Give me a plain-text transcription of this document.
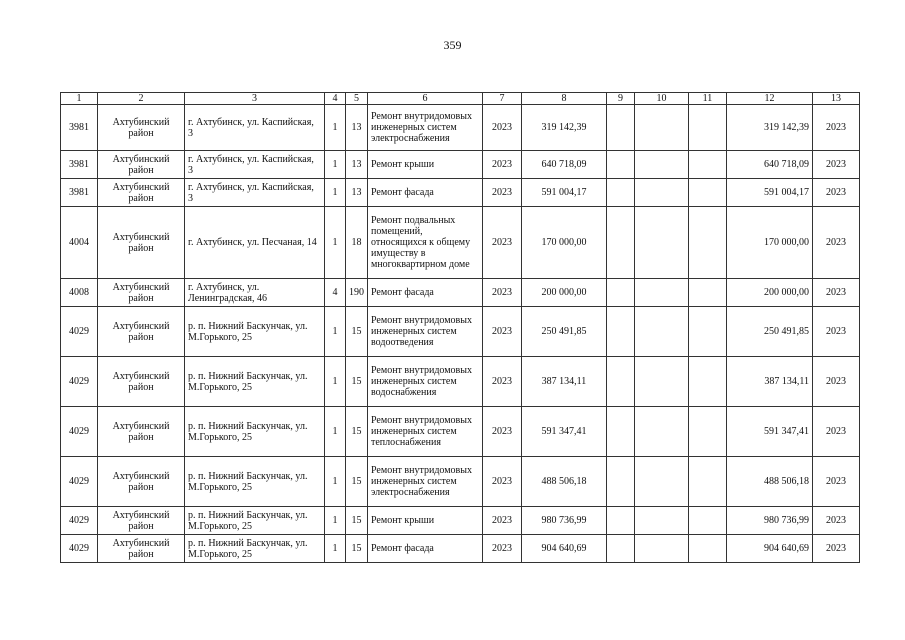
359
1	2	3	4	5	6	7	8	9	10	11	12	13
3981	Ахтубинский район	г. Ахтубинск, ул. Каспийская, 3	1	13	Ремонт внутридомовых инженерных систем электроснабжения	2023	319 142,39				319 142,39	2023
3981	Ахтубинский район	г. Ахтубинск, ул. Каспийская, 3	1	13	Ремонт крыши	2023	640 718,09				640 718,09	2023
3981	Ахтубинский район	г. Ахтубинск, ул. Каспийская, 3	1	13	Ремонт фасада	2023	591 004,17				591 004,17	2023
4004	Ахтубинский район	г. Ахтубинск, ул. Песчаная, 14	1	18	Ремонт подвальных помещений, относящихся к общему имуществу в многоквартирном доме	2023	170 000,00				170 000,00	2023
4008	Ахтубинский район	г. Ахтубинск, ул. Ленинградская, 46	4	190	Ремонт фасада	2023	200 000,00				200 000,00	2023
4029	Ахтубинский район	р. п. Нижний Баскунчак, ул. М.Горького, 25	1	15	Ремонт внутридомовых инженерных систем водоотведения	2023	250 491,85				250 491,85	2023
4029	Ахтубинский район	р. п. Нижний Баскунчак, ул. М.Горького, 25	1	15	Ремонт внутридомовых инженерных систем водоснабжения	2023	387 134,11				387 134,11	2023
4029	Ахтубинский район	р. п. Нижний Баскунчак, ул. М.Горького, 25	1	15	Ремонт внутридомовых инженерных систем теплоснабжения	2023	591 347,41				591 347,41	2023
4029	Ахтубинский район	р. п. Нижний Баскунчак, ул. М.Горького, 25	1	15	Ремонт внутридомовых инженерных систем электроснабжения	2023	488 506,18				488 506,18	2023
4029	Ахтубинский район	р. п. Нижний Баскунчак, ул. М.Горького, 25	1	15	Ремонт крыши	2023	980 736,99				980 736,99	2023
4029	Ахтубинский район	р. п. Нижний Баскунчак, ул. М.Горького, 25	1	15	Ремонт фасада	2023	904 640,69				904 640,69	2023
